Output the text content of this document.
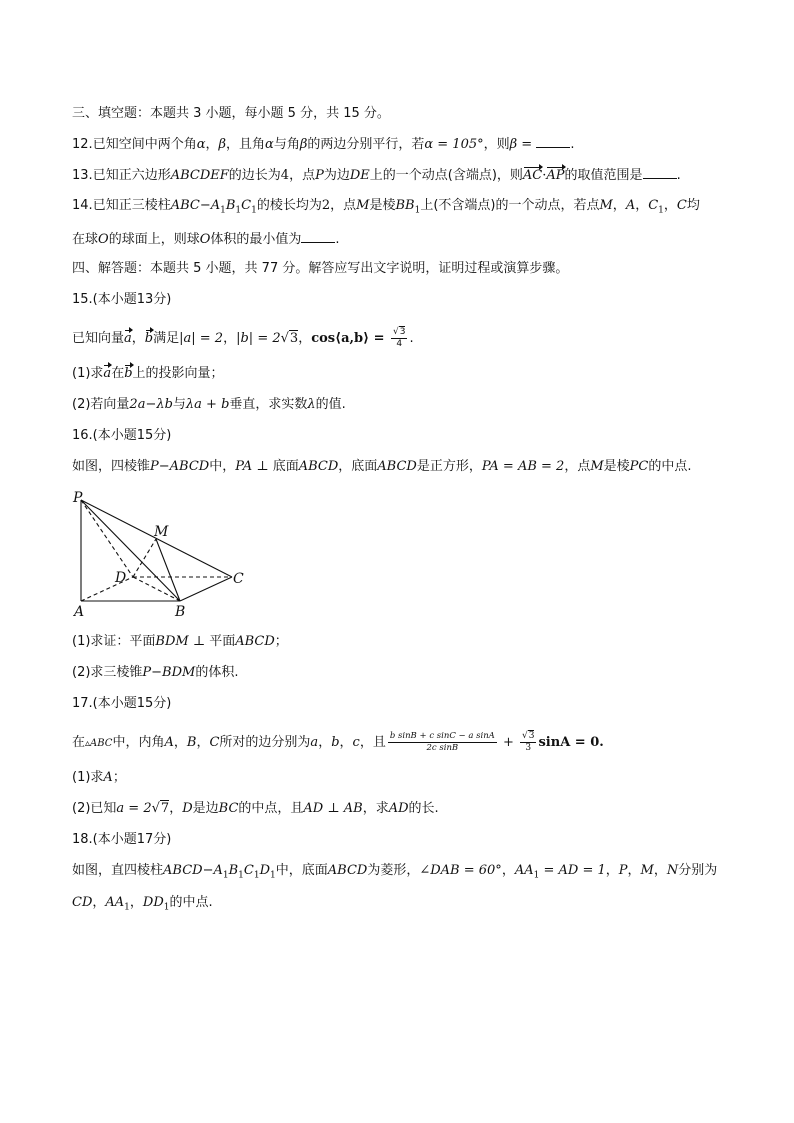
三、填空题：本题共 3 小题，每小题 5 分，共 15 分。
12.已知空间中两个角α，β，且角α与角β的两边分别平行，若α = 105°，则β =	.
13.已知正六边形ABCDEF的边长为4，点P为边DE上的一个动点(含端点)，则AC·AP的取值范围是	.
14.已知正三棱柱$ABC-A_1B_1C_1$的棱长均为2，点M是棱$BB_1$上(不含端点)的一个动点，若点M，A，$C_1$，C均
在球O的球面上，则球O体积的最小值为	.
四、解答题：本题共 5 小题，共 77 分。解答应写出文字说明，证明过程或演算步骤。
15.(本小题13分)
已知向量a，b满足|a| = 2，|b| = 2√3，cos⟨a,b⟩ = $\frac{√3}{4}$ .
(1)求a在b上的投影向量；
(2)若向量2a−λb与λa + b垂直，求实数λ的值.
16.(本小题15分)
如图，四棱锥P−ABCD中，PA ⊥ 底面ABCD，底面ABCD是正方形，PA = AB = 2，点M是棱PC的中点.
P
M
D	C
A	B
(1)求证：平面BDM ⊥ 平面ABCD；
(2)求三棱锥P−BDM的体积.
17.(本小题15分)
在▵ABC中，内角A，B，C所对的边分别为a，b，c，且 $\frac{\text{b sinB + c sinC − a sinA}}{\text{2c sinB}} + \frac{√3}{3}$ sinA = 0.
(1)求A；
(2)已知a = 2√7，D是边BC的中点，且AD ⊥ AB，求AD的长.
18.(本小题17分)
如图，直四棱柱$ABCD-A_1B_1C_1D_1$中，底面ABCD为菱形，∠DAB = 60°，$AA_1$ = AD = 1，P，M，N分别为
CD，$AA_1$，$DD_1$的中点.
